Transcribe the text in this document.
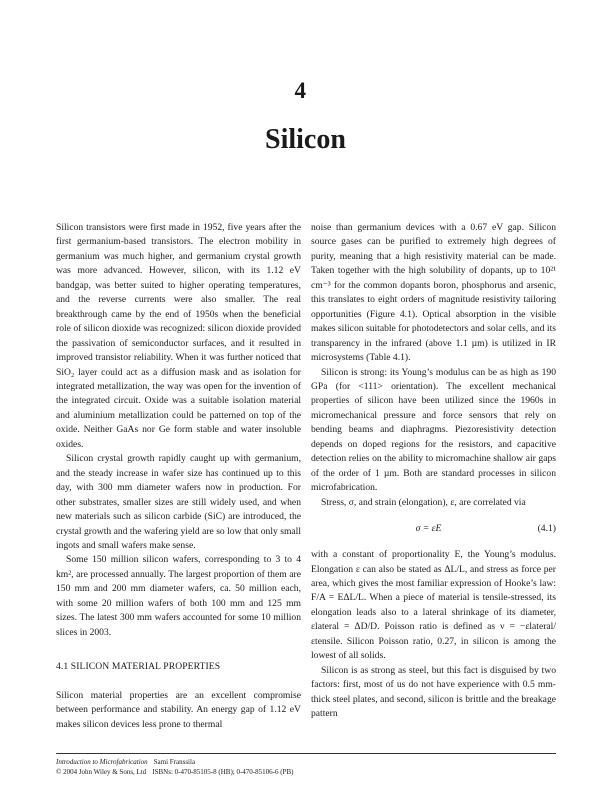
4
Silicon

Silicon transistors were first made in 1952, five years after the first germanium-based transistors. The electron mobility in germanium was much higher, and germanium crystal growth was more advanced. However, silicon, with its 1.12 eV bandgap, was better suited to higher operating temperatures, and the reverse currents were also smaller. The real breakthrough came by the end of 1950s when the beneficial role of silicon dioxide was recognized: silicon dioxide provided the passivation of semiconductor surfaces, and it resulted in improved transistor reliability. When it was further noticed that SiO₂ layer could act as a diffusion mask and as isolation for integrated metallization, the way was open for the invention of the integrated circuit. Oxide was a suitable isolation material and aluminium metallization could be patterned on top of the oxide. Neither GaAs nor Ge form stable and water insoluble oxides.

Silicon crystal growth rapidly caught up with germanium, and the steady increase in wafer size has continued up to this day, with 300 mm diameter wafers now in production. For other substrates, smaller sizes are still widely used, and when new materials such as silicon carbide (SiC) are introduced, the crystal growth and the wafering yield are so low that only small ingots and small wafers make sense.

Some 150 million silicon wafers, corresponding to 3 to 4 km², are processed annually. The largest proportion of them are 150 mm and 200 mm diameter wafers, ca. 50 million each, with some 20 million wafers of both 100 mm and 125 mm sizes. The latest 300 mm wafers accounted for some 10 million slices in 2003.

4.1 SILICON MATERIAL PROPERTIES

Silicon material properties are an excellent compromise between performance and stability. An energy gap of 1.12 eV makes silicon devices less prone to thermal

noise than germanium devices with a 0.67 eV gap. Silicon source gases can be purified to extremely high degrees of purity, meaning that a high resistivity material can be made. Taken together with the high solubility of dopants, up to 10²¹ cm⁻³ for the common dopants boron, phosphorus and arsenic, this translates to eight orders of magnitude resistivity tailoring opportunities (Figure 4.1). Optical absorption in the visible makes silicon suitable for photodetectors and solar cells, and its transparency in the infrared (above 1.1 µm) is utilized in IR microsystems (Table 4.1).

Silicon is strong: its Young’s modulus can be as high as 190 GPa (for <111> orientation). The excellent mechanical properties of silicon have been utilized since the 1960s in micromechanical pressure and force sensors that rely on bending beams and diaphragms. Piezoresistivity detection depends on doped regions for the resistors, and capacitive detection relies on the ability to micromachine shallow air gaps of the order of 1 µm. Both are standard processes in silicon microfabrication.

Stress, σ, and strain (elongation), ε, are correlated via

σ = εE	(4.1)

with a constant of proportionality E, the Young’s modulus. Elongation ε can also be stated as ΔL/L, and stress as force per area, which gives the most familiar expression of Hooke’s law: F/A = EΔL/L. When a piece of material is tensile-stressed, its elongation leads also to a lateral shrinkage of its diameter, εlateral = ΔD/D. Poisson ratio is defined as ν = −εlateral/εtensile. Silicon Poisson ratio, 0.27, in silicon is among the lowest of all solids.

Silicon is as strong as steel, but this fact is disguised by two factors: first, most of us do not have experience with 0.5 mm-thick steel plates, and second, silicon is brittle and the breakage pattern

Introduction to Microfabrication Sami Franssila
© 2004 John Wiley & Sons, Ltd ISBNs: 0-470-85105-8 (HB); 0-470-85106-6 (PB)
